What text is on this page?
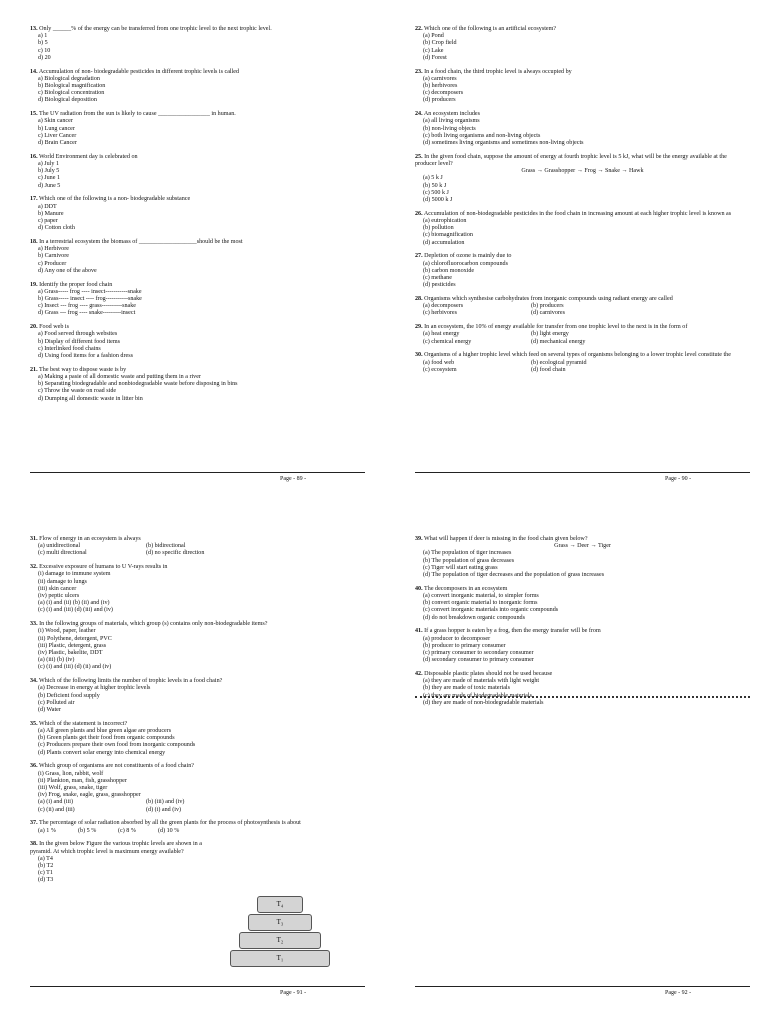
13. Only ______% of the energy can be transferred from one trophic level to the next trophic level.
a) 1
b) 5
c) 10
d) 20
14. Accumulation of non- biodegradable pesticides in different trophic levels is called
a) Biological degradation
b) Biological magnification
c) Biological concentration
d) Biological deposition
15. The UV radiation from the sun is likely to cause _________________ in human.
a) Skin cancer
b) Lung cancer
c) Liver Cancer
d) Brain Cancer
16. World Environment day is celebrated on
a) July 1
b) July 5
c) June 1
d) June 5
17. Which one of the following is a non- biodegradable substance
a) DDT
b) Manure
c) paper
d) Cotton cloth
18. In a terrestrial ecosystem the biomass of ___________________should be the most
a) Herbivore
b) Carnivore
c) Producer
d) Any one of the above
19. Identify the proper food chain
a) Grass----- frog ---- insect-----------snake
b) Grass----- insect ---- frog-----------snake
c) Insect --- frog ---- grass----------snake
d) Grass --- frog ---- snake---------insect
20. Food web is
a) Food served through websites
b) Display of different food items
c) Interlinked food chains
d) Using food items for a fashion dress
21. The best way to dispose waste is by
a) Making a pasie of all domestic waste and putting them in a river
b) Separating biodegradable and nonbiodegradable waste before disposing in bins
c) Throw the waste on road side
d) Dumping all domestic waste in litter bin
22. Which one of the following is an artificial ecosystem?
(a) Pond
(b) Crop field
(c) Lake
(d) Forest
23. In a food chain, the third trophic level is always occupied by
(a) carnivores
(b) herbivores
(c) decomposers
(d) producers
24. An ecosystem includes
(a) all living organisms
(b) non-living objects
(c) both living organisms and non-living objects
(d) sometimes living organisms and sometimes non-living objects
25. In the given food chain, suppose the amount of energy at fourth trophic level is 5 kJ, what will be the energy available at the producer level?
Grass → Grasshopper → Frog → Snake → Hawk
(a) 5 k J
(b) 50 k J
(c) 500 k J
(d) 5000 k J
26. Accumulation of non-biodegradable pesticides in the food chain in increasing amount at each higher trophic level is known as
(a) eutrophication
(b) pollution
(c) biomagnification
(d) accumulation
27. Depletion of ozone is mainly due to
(a) chlorofluorocarbon compounds
(b) carbon monoxide
(c) methane
(d) pesticides
28. Organisms which synthesise carbohydrates from inorganic compounds using radiant energy are called
(a) decomposers	(b) producers
(c) herbivores	(d) carnivores
29. In an ecosystem, the 10% of energy available for transfer from one trophic level to the next is in the form of
(a) heat energy	(b) light energy
(c) chemical energy	(d) mechanical energy
30. Organisms of a higher trophic level which feed on several types of organisms belonging to a lower trophic level constitute the
(a) food web	(b) ecological pyramid
(c) ecosystem	(d) food chain
31. Flow of energy in an ecosystem is always
(a) unidirectional	(b) bidirectional
(c) multi directional	(d) no specific direction
32. Excessive exposure of humans to U V-rays results in
(i) damage to immune system
(ii) damage to lungs
(iii) skin cancer
(iv) peptic ulcers
(a) (i) and (ii) (b) (ii) and (iv)
(c) (i) and (iii) (d) (iii) and (iv)
33. In the following groups of materials, which group (s) contains only non-biodegradable items?
(i) Wood, paper, leather
(ii) Polythene, detergent, PVC
(iii) Plastic, detergent, grass
(iv) Plastic, bakelite, DDT
(a) (iii) (b) (iv)
(c) (i) and (iii) (d) (ii) and (iv)
34. Which of the following limits the number of trophic levels in a food chain?
(a) Decrease in energy at higher trophic levels
(b) Deficient food supply
(c) Polluted air
(d) Water
35. Which of the statement is incorrect?
(a) All green plants and blue green algae are producers
(b) Green plants get their food from organic compounds
(c) Producers prepare their own food from inorganic compounds
(d) Plants convert solar energy into chemical energy
36. Which group of organisms are not constituents of a food chain?
(i) Grass, lion, rabbit, wolf
(ii) Plankton, man, fish, grasshopper
(iii) Wolf, grass, snake, tiger
(iv) Frog, snake, eagle, grass, grasshopper
(a) (i) and (iii)	(b) (iii) and (iv)
(c) (ii) and (iii)	(d) (i) and (iv)
37. The percentage of solar radiation absorbed by all the green plants for the process of photosynthesis is about
(a) 1 %	(b) 5 %	(c) 8 %	(d) 10 %
38. In the given below Figure the various trophic levels are shown in a pyramid. At which trophic level is maximum energy available?
(a) T4
(b) T2
(c) T1
(d) T3
39. What will happen if deer is missing in the food chain given below?
Grass → Deer → Tiger
(a) The population of tiger increases
(b) The population of grass decreases
(c) Tiger will start eating grass
(d) The population of tiger decreases and the population of grass increases
40. The decomposers in an ecosystem
(a) convert inorganic material, to simpler forms
(b) convert organic material to inorganic forms
(c) convert inorganic materials into organic compounds
(d) do not breakdown organic compounds
41. If a grass hopper is eaten by a frog, then the energy transfer will be from
(a) producer to decomposer
(b) producer to primary consumer
(c) primary consumer to secondary consumer
(d) secondary consumer to primary consumer
42. Disposable plastic plates should not be used because
(a) they are made of materials with light weight
(b) they are made of toxic materials
(c) they are made of biodegradable materials
(d) they are made of non-biodegradable materials
Page - 89 -	Page - 90 -
Page - 91 -	Page - 92 -
T₄
T₃
T₂
T₁
